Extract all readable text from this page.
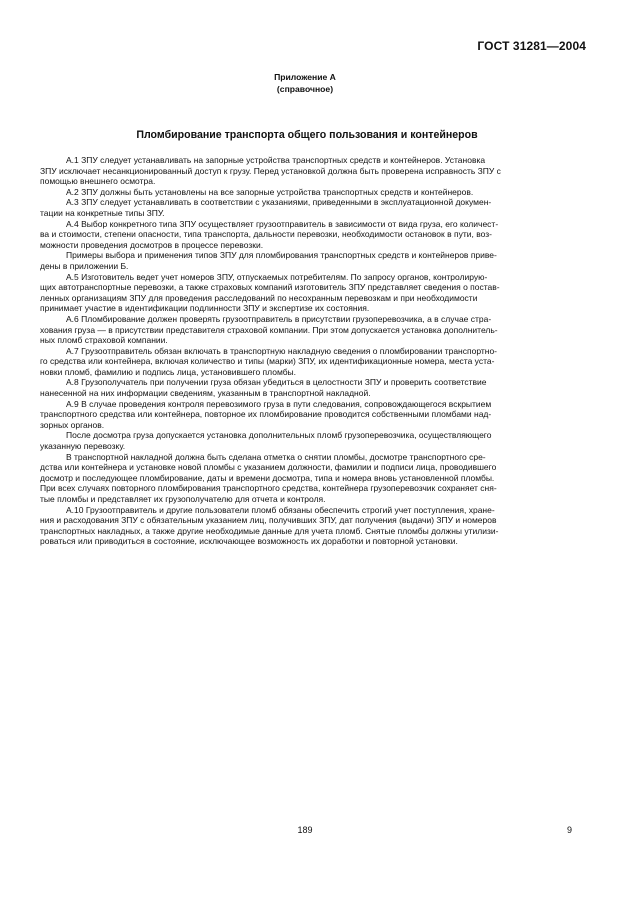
ГОСТ 31281—2004
Приложение А
(справочное)
Пломбирование транспорта общего пользования и контейнеров
А.1 ЗПУ следует устанавливать на запорные устройства транспортных средств и контейнеров. Установка
ЗПУ исключает несанкционированный доступ к грузу. Перед установкой должна быть проверена исправность ЗПУ с
помощью внешнего осмотра.
А.2 ЗПУ должны быть установлены на все запорные устройства транспортных средств и контейнеров.
А.3 ЗПУ следует устанавливать в соответствии с указаниями, приведенными в эксплуатационной докумен-
тации на конкретные типы ЗПУ.
А.4 Выбор конкретного типа ЗПУ осуществляет грузоотправитель в зависимости от вида груза, его количест-
ва и стоимости, степени опасности, типа транспорта, дальности перевозки, необходимости остановок в пути, воз-
можности проведения досмотров в процессе перевозки.
Примеры выбора и применения типов ЗПУ для пломбирования транспортных средств и контейнеров приве-
дены в приложении Б.
А.5 Изготовитель ведет учет номеров ЗПУ, отпускаемых потребителям. По запросу органов, контролирую-
щих автотранспортные перевозки, а также страховых компаний изготовитель ЗПУ представляет сведения о постав-
ленных организациям ЗПУ для проведения расследований по несохранным перевозкам и при необходимости
принимает участие в идентификации подлинности ЗПУ и экспертизе их состояния.
А.6 Пломбирование должен проверять грузоотправитель в присутствии грузоперевозчика, а в случае стра-
хования груза — в присутствии представителя страховой компании. При этом допускается установка дополнитель-
ных пломб страховой компании.
А.7 Грузоотправитель обязан включать в транспортную накладную сведения о пломбировании транспортно-
го средства или контейнера, включая количество и типы (марки) ЗПУ, их идентификационные номера, места уста-
новки пломб, фамилию и подпись лица, установившего пломбы.
А.8 Грузополучатель при получении груза обязан убедиться в целостности ЗПУ и проверить соответствие
нанесенной на них информации сведениям, указанным в транспортной накладной.
А.9 В случае проведения контроля перевозимого груза в пути следования, сопровождающегося вскрытием
транспортного средства или контейнера, повторное их пломбирование проводится собственными пломбами над-
зорных органов.
После досмотра груза допускается установка дополнительных пломб грузоперевозчика, осуществляющего
указанную перевозку.
В транспортной накладной должна быть сделана отметка о снятии пломбы, досмотре транспортного сре-
дства или контейнера и установке новой пломбы с указанием должности, фамилии и подписи лица, проводившего
досмотр и последующее пломбирование, даты и времени досмотра, типа и номера вновь установленной пломбы.
При всех случаях повторного пломбирования транспортного средства, контейнера грузоперевозчик сохраняет сня-
тые пломбы и представляет их грузополучателю для отчета и контроля.
А.10 Грузоотправитель и другие пользователи пломб обязаны обеспечить строгий учет поступления, хране-
ния и расходования ЗПУ с обязательным указанием лиц, получивших ЗПУ, дат получения (выдачи) ЗПУ и номеров
транспортных накладных, а также другие необходимые данные для учета пломб. Снятые пломбы должны утилизи-
роваться или приводиться в состояние, исключающее возможность их доработки и повторной установки.
189	9
